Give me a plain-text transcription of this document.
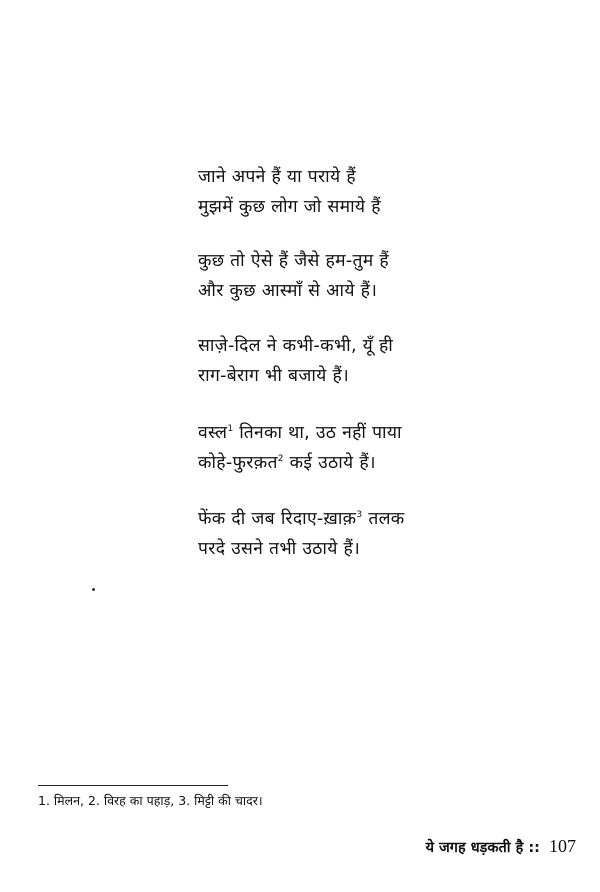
जाने अपने हैं या पराये हैं
मुझमें कुछ लोग जो समाये हैं
कुछ तो ऐसे हैं जैसे हम-तुम हैं
और कुछ आस्माँ से आये हैं।
साज़े-दिल ने कभी-कभी, यूँ ही
राग-बेराग भी बजाये हैं।
वस्ल$^1$ तिनका था, उठ नहीं पाया
कोहे-फुरक़त$^2$ कई उठाये हैं।
फेंक दी जब रिदाए-ख़ाक़$^3$ तलक
परदे उसने तभी उठाये हैं।
1. मिलन, 2. विरह का पहाड़, 3. मिट्टी की चादर।
ये जगह धड़कती है :: 107
